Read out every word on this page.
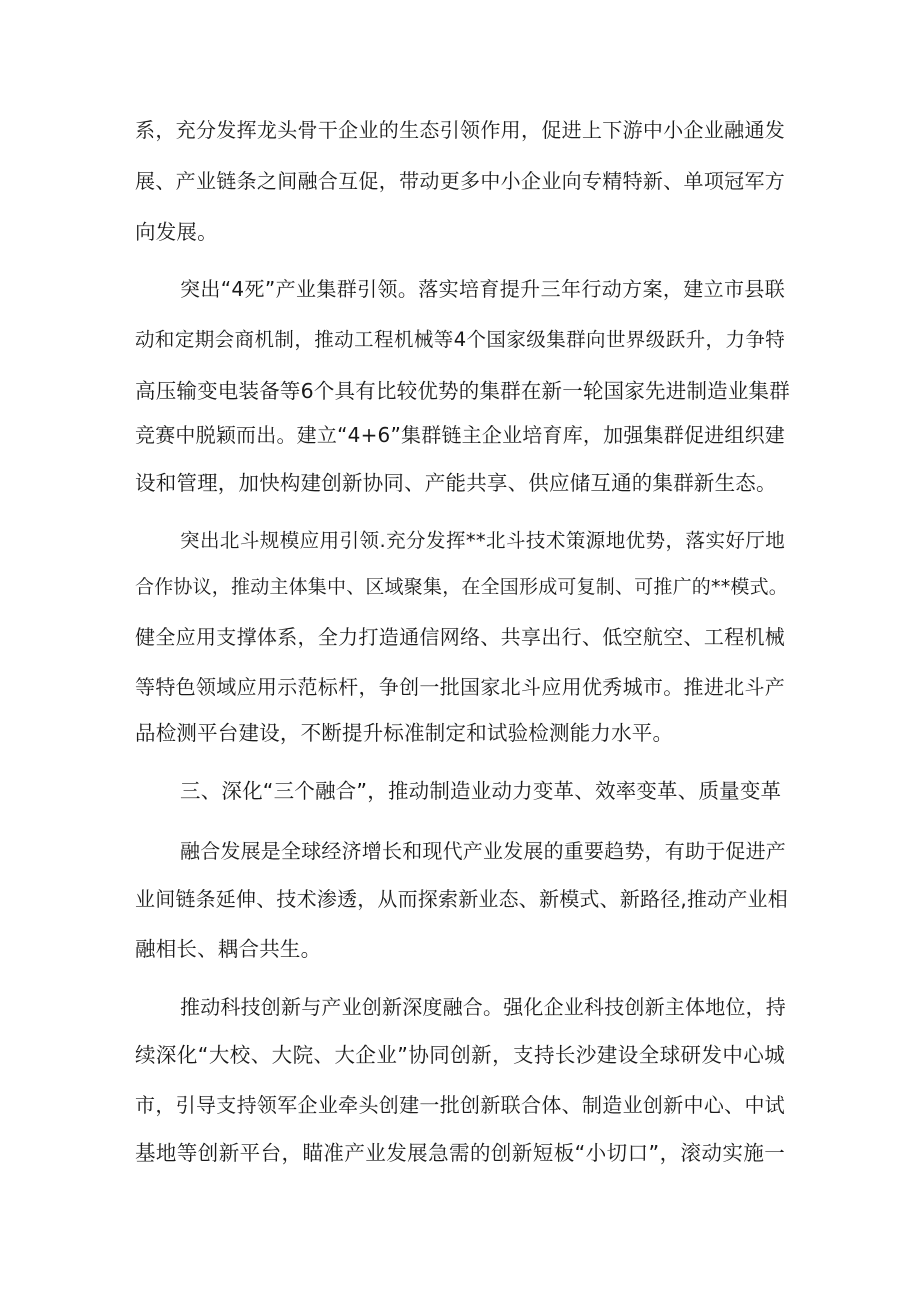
系，充分发挥龙头骨干企业的生态引领作用，促进上下游中小企业融通发
展、产业链条之间融合互促，带动更多中小企业向专精特新、单项冠军方
向发展。
突出“4死”产业集群引领。落实培育提升三年行动方案，建立市县联
动和定期会商机制，推动工程机械等4个国家级集群向世界级跃升，力争特
高压输变电装备等6个具有比较优势的集群在新一轮国家先进制造业集群
竞赛中脱颖而出。建立“4+6”集群链主企业培育库，加强集群促进组织建
设和管理，加快构建创新协同、产能共享、供应储互通的集群新生态。
突出北斗规模应用引领.充分发挥**北斗技术策源地优势，落实好厅地
合作协议，推动主体集中、区域聚集，在全国形成可复制、可推广的**模式。
健全应用支撑体系，全力打造通信网络、共享出行、低空航空、工程机械
等特色领域应用示范标杆，争创一批国家北斗应用优秀城市。推进北斗产
品检测平台建设，不断提升标准制定和试验检测能力水平。
三、深化“三个融合”，推动制造业动力变革、效率变革、质量变革
融合发展是全球经济增长和现代产业发展的重要趋势，有助于促进产
业间链条延伸、技术渗透，从而探索新业态、新模式、新路径,推动产业相
融相长、耦合共生。
推动科技创新与产业创新深度融合。强化企业科技创新主体地位，持
续深化“大校、大院、大企业”协同创新，支持长沙建设全球研发中心城
市，引导支持领军企业牵头创建一批创新联合体、制造业创新中心、中试
基地等创新平台，瞄准产业发展急需的创新短板“小切口”，滚动实施一
